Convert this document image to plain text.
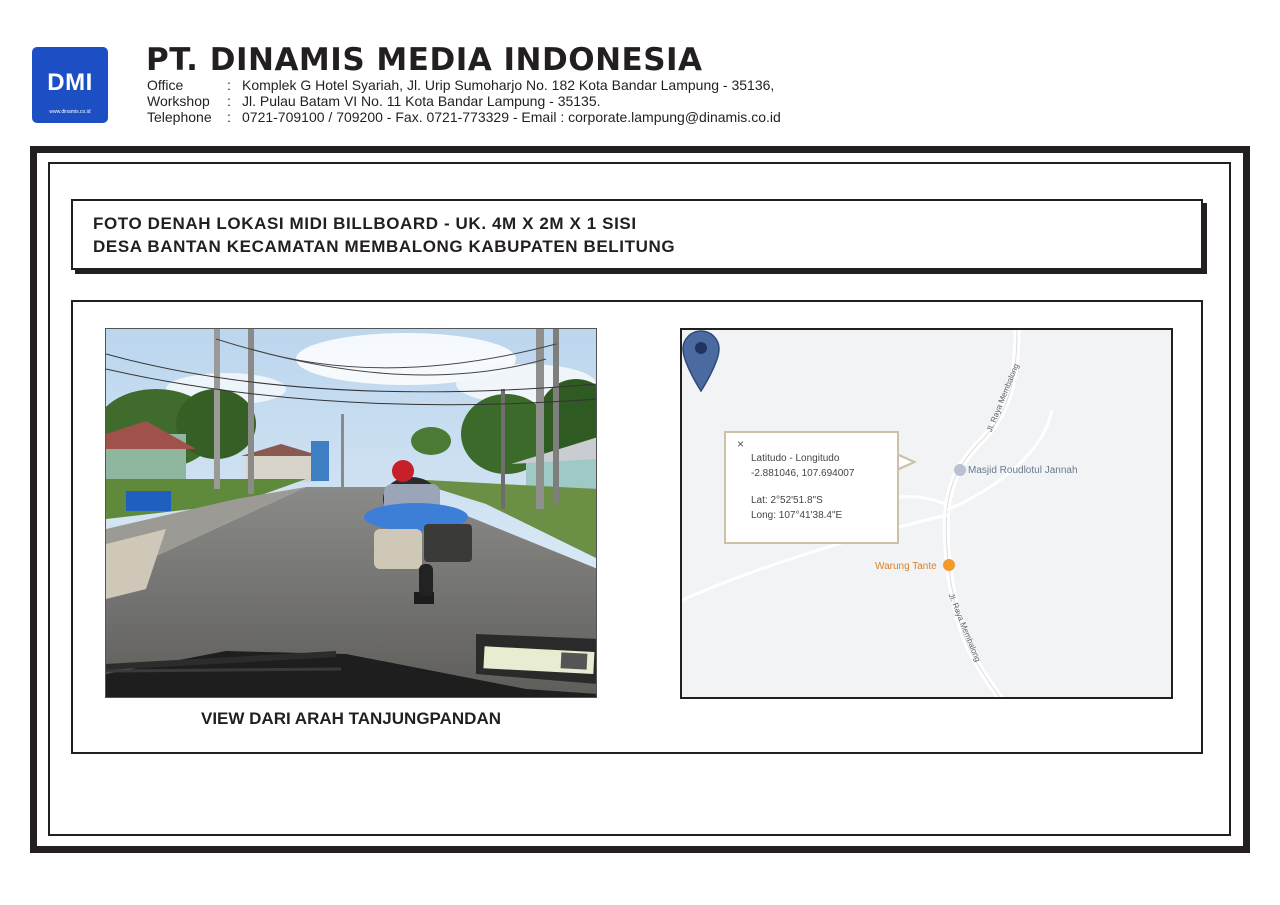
DMI
www.dinamis.co.id
PT. DINAMIS MEDIA INDONESIA
Office	: Komplek G Hotel Syariah, Jl. Urip Sumoharjo No. 182 Kota Bandar Lampung - 35136,
Workshop : Jl. Pulau Batam VI No. 11 Kota Bandar Lampung - 35135.
Telephone : 0721-709100 / 709200 - Fax. 0721-773329 - Email : corporate.lampung@dinamis.co.id
FOTO DENAH LOKASI MIDI BILLBOARD - UK. 4M X 2M X 1 SISI
DESA BANTAN KECAMATAN MEMBALONG KABUPATEN BELITUNG
VIEW DARI ARAH TANJUNGPANDAN
Jl. Raya Membalong
Jl. Raya Membalong
Masjid Roudlotul Jannah
Warung Tante
×
Latitudo - Longitudo
-2.881046, 107.694007
Lat: 2°52'51.8"S
Long: 107°41'38.4"E
